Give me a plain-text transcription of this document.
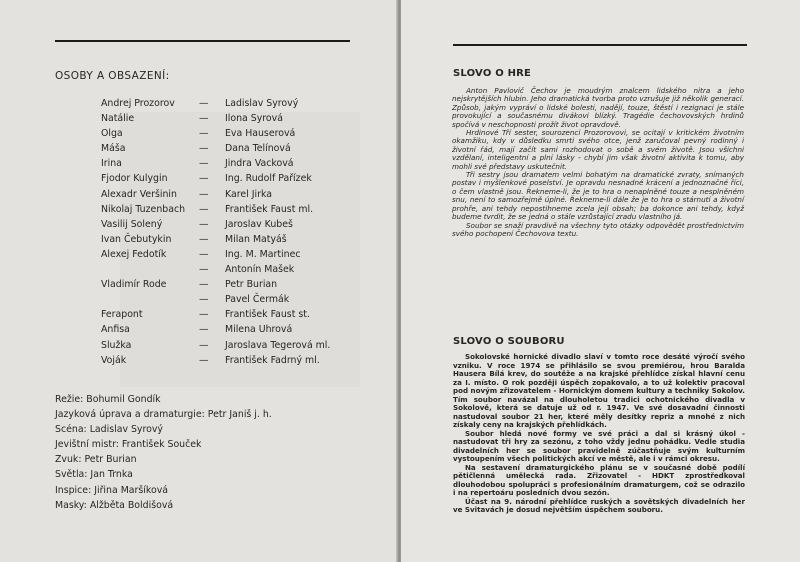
OSOBY A OBSAZENÍ:
Andrej Prozorov	— Ladislav Syrový
Natálie	— Ilona Syrová
Olga	— Eva Hauserová
Máša	— Dana Telínová
Irina	— Jindra Vacková
Fjodor Kulygin	— Ing. Rudolf Pařízek
Alexadr Veršinin — Karel Jirka
Nikolaj Tuzenbach — František Faust ml.
Vasilij Solený	— Jaroslav Kubeš
Ivan Čebutykin	— Milan Matyáš
Alexej Fedotík	— Ing. M. Martinec
— Antonín Mašek
Vladimír Rode	— Petr Burian
— Pavel Čermák
Ferapont	— František Faust st.
Anfisa	— Milena Uhrová
Služka	— Jaroslava Tegerová ml.
Voják	— František Fadrný ml.
Režie: Bohumil Gondík
Jazyková úprava a dramaturgie: Petr Janiš j. h.
Scéna: Ladislav Syrový
Jevištní mistr: František Souček
Zvuk: Petr Burian
Světla: Jan Trnka
Inspice: Jiřina Maršíková
Masky: Alžběta Boldišová
SLOVO O HRE

Anton Pavlovič Čechov je moudrým znalcem lidského nitra a jeho nejskrytějších hlubin. Jeho dramatická tvorba proto vzrušuje již několik generací. Způsob, jakým vypráví o lidské bolesti, nadějí, touze, štěstí i rezignaci je stále provokující a současnému divákovi blízký. Tragédie čechovovských hrdinů spočívá v neschopnosti prožít život opravdově.

Hrdinové Tří sester, sourozenci Prozorovovi, se ocitají v kritickém životním okamžiku, kdy v důsledku smrti svého otce, jenž zaručoval pevný rodinný i životní řád, mají začít sami rozhodovat o sobě a svém životě. Jsou všichni vzdělaní, inteligentní a plní lásky - chybí jim však životní aktivita k tomu, aby mohli své představy uskutečnit.

Tři sestry jsou dramatem velmi bohatým na dramatické zvraty, snímaných postav i myšlenkové poselství. Je opravdu nesnadné krácení a jednoznačné říci, o čem vlastně jsou. Řekneme-li, že je to hra o nenaplněné touze a nesplněném snu, není to samozřejmě úplné. Řekneme-li dále že je to hra o stárnutí a životní prohře, ani tehdy nepostihneme zcela její obsah; ba dokonce ani tehdy, když budeme tvrdit, že se jedná o stále vzrůstající zradu vlastního já.

Soubor se snaží pravdivě na všechny tyto otázky odpovědět prostřednictvím svého pochopení Čechovova textu.

SLOVO O SOUBORU

Sokolovské hornické divadlo slaví v tomto roce desáté výročí svého vzniku. V roce 1974 se přihlásilo se svou premiérou, hrou Baralda Hausera Bílá krev, do soutěže a na krajské přehlídce získal hlavní cenu za I. místo. O rok později úspěch zopakovalo, a to už kolektiv pracoval pod novým zřizovatelem - Hornickým domem kultury a techniky Sokolov. Tím soubor navázal na dlouholetou tradici ochotnického divadla v Sokolově, která se datuje už od r. 1947. Ve své dosavadní činnosti nastudoval soubor 21 her, které měly desítky repriz a mnohé z nich získaly ceny na krajských přehlídkách.

Soubor hledá nové formy ve své práci a dal si krásný úkol - nastudovat tři hry za sezónu, z toho vždy jednu pohádku. Vedle studia divadelních her se soubor pravidelně zúčastňuje svým kulturním vystoupením všech politických akcí ve městě, ale i v rámci okresu.

Na sestavení dramaturgického plánu se v současné době podílí pětičlenná umělecká rada. Zřizovatel - HDKT zprostředkoval dlouhodobou spolupráci s profesionálním dramaturgem, což se odrazilo i na repertoáru posledních dvou sezón.

Účast na 9. národní přehlídce ruských a sovětských divadelních her ve Svitavách je dosud největším úspěchem souboru.
